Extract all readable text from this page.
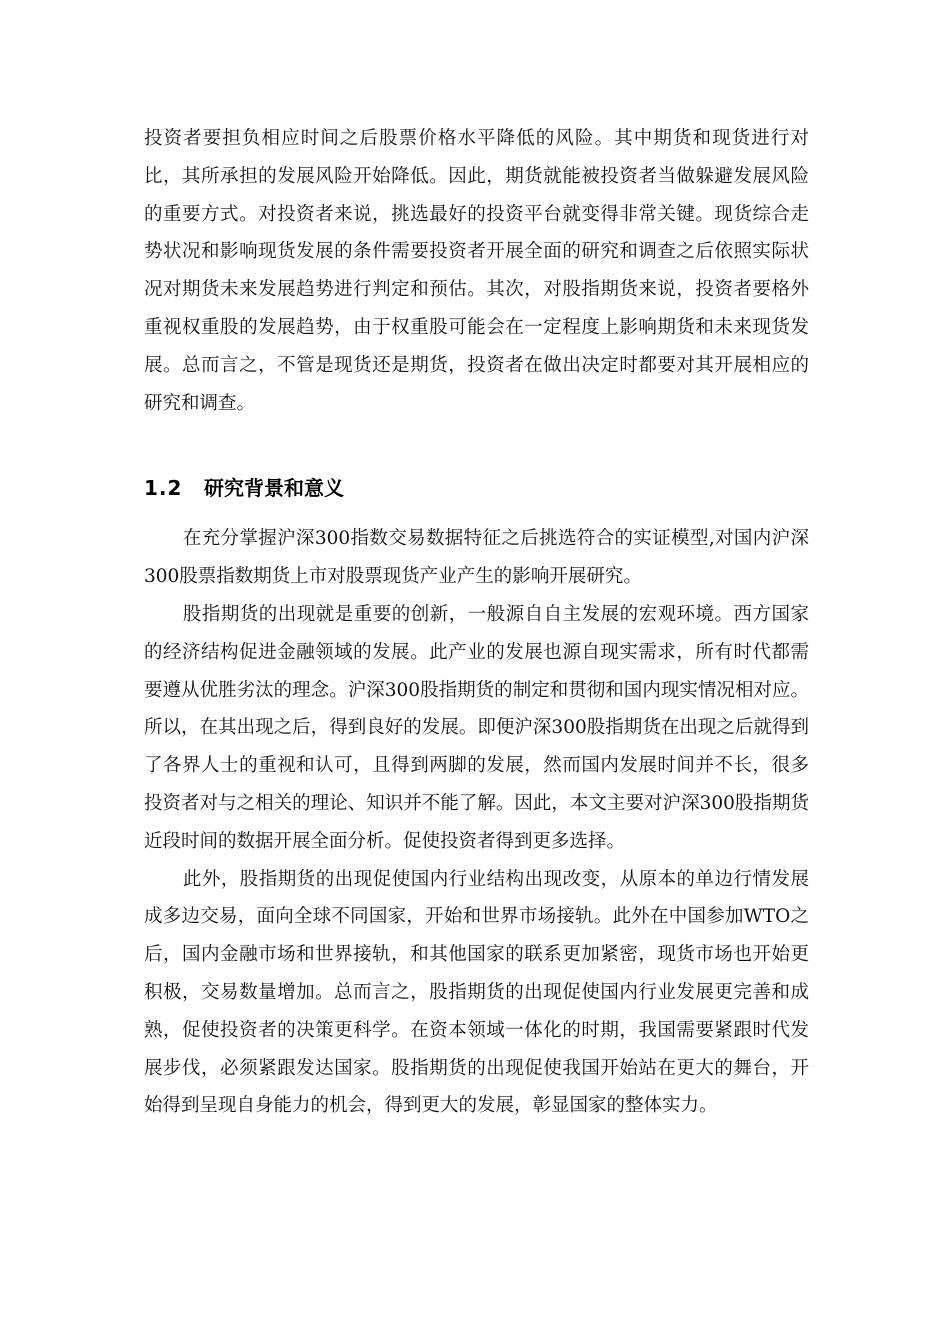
投资者要担负相应时间之后股票价格水平降低的风险。其中期货和现货进行对比，其所承担的发展风险开始降低。因此，期货就能被投资者当做躲避发展风险的重要方式。对投资者来说，挑选最好的投资平台就变得非常关键。现货综合走势状况和影响现货发展的条件需要投资者开展全面的研究和调查之后依照实际状况对期货未来发展趋势进行判定和预估。其次，对股指期货来说，投资者要格外重视权重股的发展趋势，由于权重股可能会在一定程度上影响期货和未来现货发展。总而言之，不管是现货还是期货，投资者在做出决定时都要对其开展相应的研究和调查。

1.2	研究背景和意义

在充分掌握沪深300指数交易数据特征之后挑选符合的实证模型,对国内沪深300股票指数期货上市对股票现货产业产生的影响开展研究。

股指期货的出现就是重要的创新，一般源自自主发展的宏观环境。西方国家的经济结构促进金融领域的发展。此产业的发展也源自现实需求，所有时代都需要遵从优胜劣汰的理念。沪深300股指期货的制定和贯彻和国内现实情况相对应。所以，在其出现之后，得到良好的发展。即便沪深300股指期货在出现之后就得到了各界人士的重视和认可，且得到两脚的发展，然而国内发展时间并不长，很多投资者对与之相关的理论、知识并不能了解。因此，本文主要对沪深300股指期货近段时间的数据开展全面分析。促使投资者得到更多选择。

此外，股指期货的出现促使国内行业结构出现改变，从原本的单边行情发展成多边交易，面向全球不同国家，开始和世界市场接轨。此外在中国参加WTO之后，国内金融市场和世界接轨，和其他国家的联系更加紧密，现货市场也开始更积极，交易数量增加。总而言之，股指期货的出现促使国内行业发展更完善和成熟，促使投资者的决策更科学。在资本领域一体化的时期，我国需要紧跟时代发展步伐，必须紧跟发达国家。股指期货的出现促使我国开始站在更大的舞台，开始得到呈现自身能力的机会，得到更大的发展，彰显国家的整体实力。
